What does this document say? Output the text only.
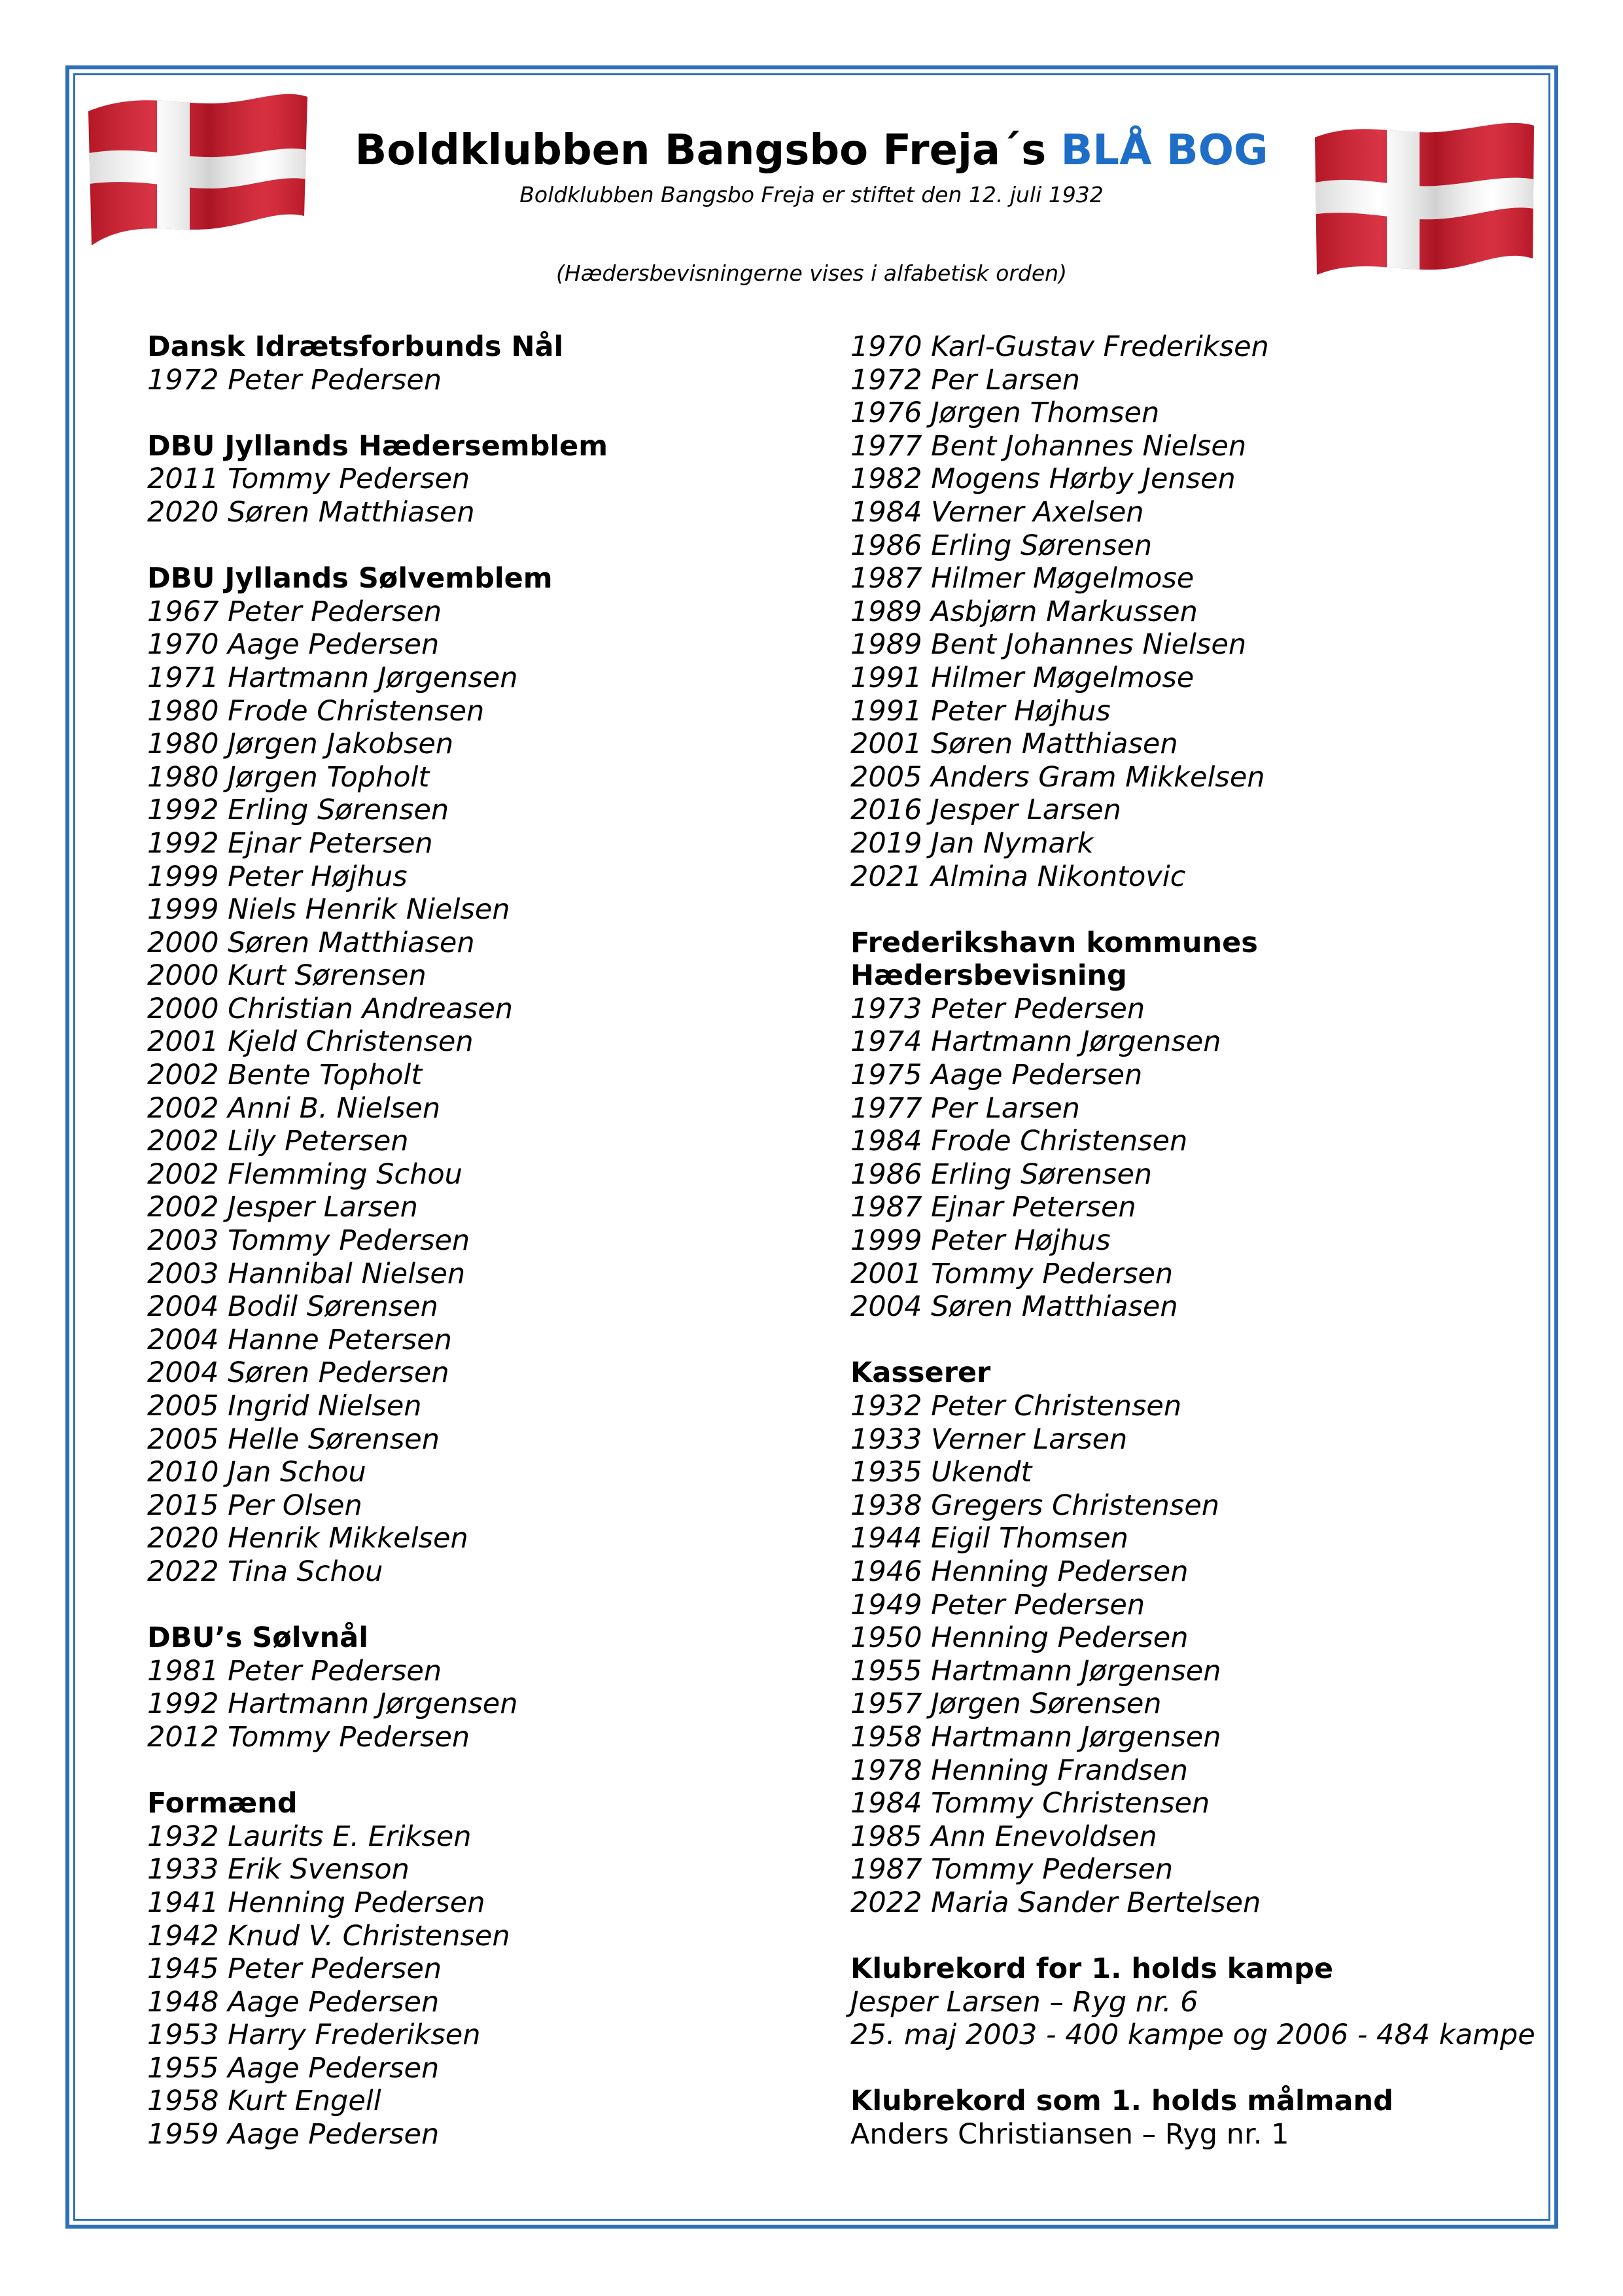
Boldklubben Bangsbo Freja´s BLÅ BOG
Boldklubben Bangsbo Freja er stiftet den 12. juli 1932
(Hædersbevisningerne vises i alfabetisk orden)
Dansk Idrætsforbunds Nål
1972 Peter Pedersen
DBU Jyllands Hædersemblem
2011 Tommy Pedersen
2020 Søren Matthiasen
DBU Jyllands Sølvemblem
1967 Peter Pedersen
1970 Aage Pedersen
1971 Hartmann Jørgensen
1980 Frode Christensen
1980 Jørgen Jakobsen
1980 Jørgen Topholt
1992 Erling Sørensen
1992 Ejnar Petersen
1999 Peter Højhus
1999 Niels Henrik Nielsen
2000 Søren Matthiasen
2000 Kurt Sørensen
2000 Christian Andreasen
2001 Kjeld Christensen
2002 Bente Topholt
2002 Anni B. Nielsen
2002 Lily Petersen
2002 Flemming Schou
2002 Jesper Larsen
2003 Tommy Pedersen
2003 Hannibal Nielsen
2004 Bodil Sørensen
2004 Hanne Petersen
2004 Søren Pedersen
2005 Ingrid Nielsen
2005 Helle Sørensen
2010 Jan Schou
2015 Per Olsen
2020 Henrik Mikkelsen
2022 Tina Schou
DBU’s Sølvnål
1981 Peter Pedersen
1992 Hartmann Jørgensen
2012 Tommy Pedersen
Formænd
1932 Laurits E. Eriksen
1933 Erik Svenson
1941 Henning Pedersen
1942 Knud V. Christensen
1945 Peter Pedersen
1948 Aage Pedersen
1953 Harry Frederiksen
1955 Aage Pedersen
1958 Kurt Engell
1959 Aage Pedersen
1970 Karl-Gustav Frederiksen
1972 Per Larsen
1976 Jørgen Thomsen
1977 Bent Johannes Nielsen
1982 Mogens Hørby Jensen
1984 Verner Axelsen
1986 Erling Sørensen
1987 Hilmer Møgelmose
1989 Asbjørn Markussen
1989 Bent Johannes Nielsen
1991 Hilmer Møgelmose
1991 Peter Højhus
2001 Søren Matthiasen
2005 Anders Gram Mikkelsen
2016 Jesper Larsen
2019 Jan Nymark
2021 Almina Nikontovic
Frederikshavn kommunes
Hædersbevisning
1973 Peter Pedersen
1974 Hartmann Jørgensen
1975 Aage Pedersen
1977 Per Larsen
1984 Frode Christensen
1986 Erling Sørensen
1987 Ejnar Petersen
1999 Peter Højhus
2001 Tommy Pedersen
2004 Søren Matthiasen
Kasserer
1932 Peter Christensen
1933 Verner Larsen
1935 Ukendt
1938 Gregers Christensen
1944 Eigil Thomsen
1946 Henning Pedersen
1949 Peter Pedersen
1950 Henning Pedersen
1955 Hartmann Jørgensen
1957 Jørgen Sørensen
1958 Hartmann Jørgensen
1978 Henning Frandsen
1984 Tommy Christensen
1985 Ann Enevoldsen
1987 Tommy Pedersen
2022 Maria Sander Bertelsen
Klubrekord for 1. holds kampe
Jesper Larsen – Ryg nr. 6
25. maj 2003 - 400 kampe og 2006 - 484 kampe
Klubrekord som 1. holds målmand
Anders Christiansen – Ryg nr. 1
